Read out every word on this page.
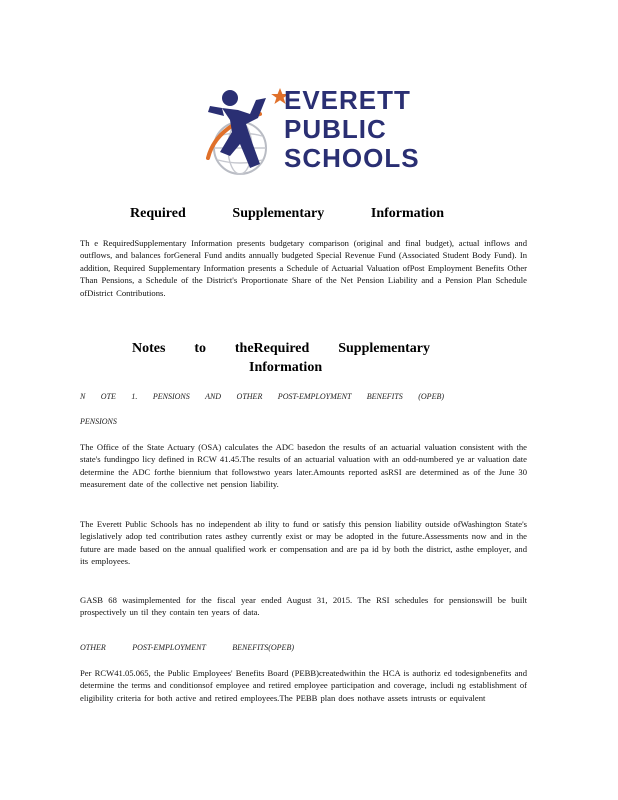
EVERETT
PUBLIC
SCHOOLS
Required Supplementary Information
Th e RequiredSupplementary Information presents budgetary comparison (original and final budget), actual inflows and outflows, and balances forGeneral Fund andits annually budgeted Special Revenue Fund (Associated Student Body Fund). In addition, Required Supplementary Information presents a Schedule of Actuarial Valuation ofPost Employment Benefits Other Than Pensions, a Schedule of the District's Proportionate Share of the Net Pension Liability and a Pension Plan Schedule ofDistrict Contributions.
Notes to theRequired Supplementary
Information
N OTE 1. PENSIONS AND OTHER POST-EMPLOYMENT BENEFITS (OPEB)
PENSIONS
The Office of the State Actuary (OSA) calculates the ADC basedon the results of an actuarial valuation consistent with the state's fundingpo licy defined in RCW 41.45.The results of an actuarial valuation with an odd-numbered ye ar valuation date determine the ADC forthe biennium that followstwo years later.Amounts reported asRSI are determined as of the June 30 measurement date of the collective net pension liability.
The Everett Public Schools has no independent ab ility to fund or satisfy this pension liability outside ofWashington State's legislatively adop ted contribution rates asthey currently exist or may be adopted in the future.Assessments now and in the future are made based on the annual qualified work er compensation and are pa id by both the district, asthe employer, and its employees.
GASB 68 wasimplemented for the fiscal year ended August 31, 2015. The RSI schedules for pensionswill be built prospectively un til they contain ten years of data.
OTHER POST-EMPLOYMENT BENEFITS(OPEB)
Per RCW41.05.065, the Public Employees' Benefits Board (PEBB)createdwithin the HCA is authoriz ed todesignbenefits and determine the terms and conditionsof employee and retired employee participation and coverage, includi ng establishment of eligibility criteria for both active and retired employees.The PEBB plan does nothave assets intrusts or equivalent
